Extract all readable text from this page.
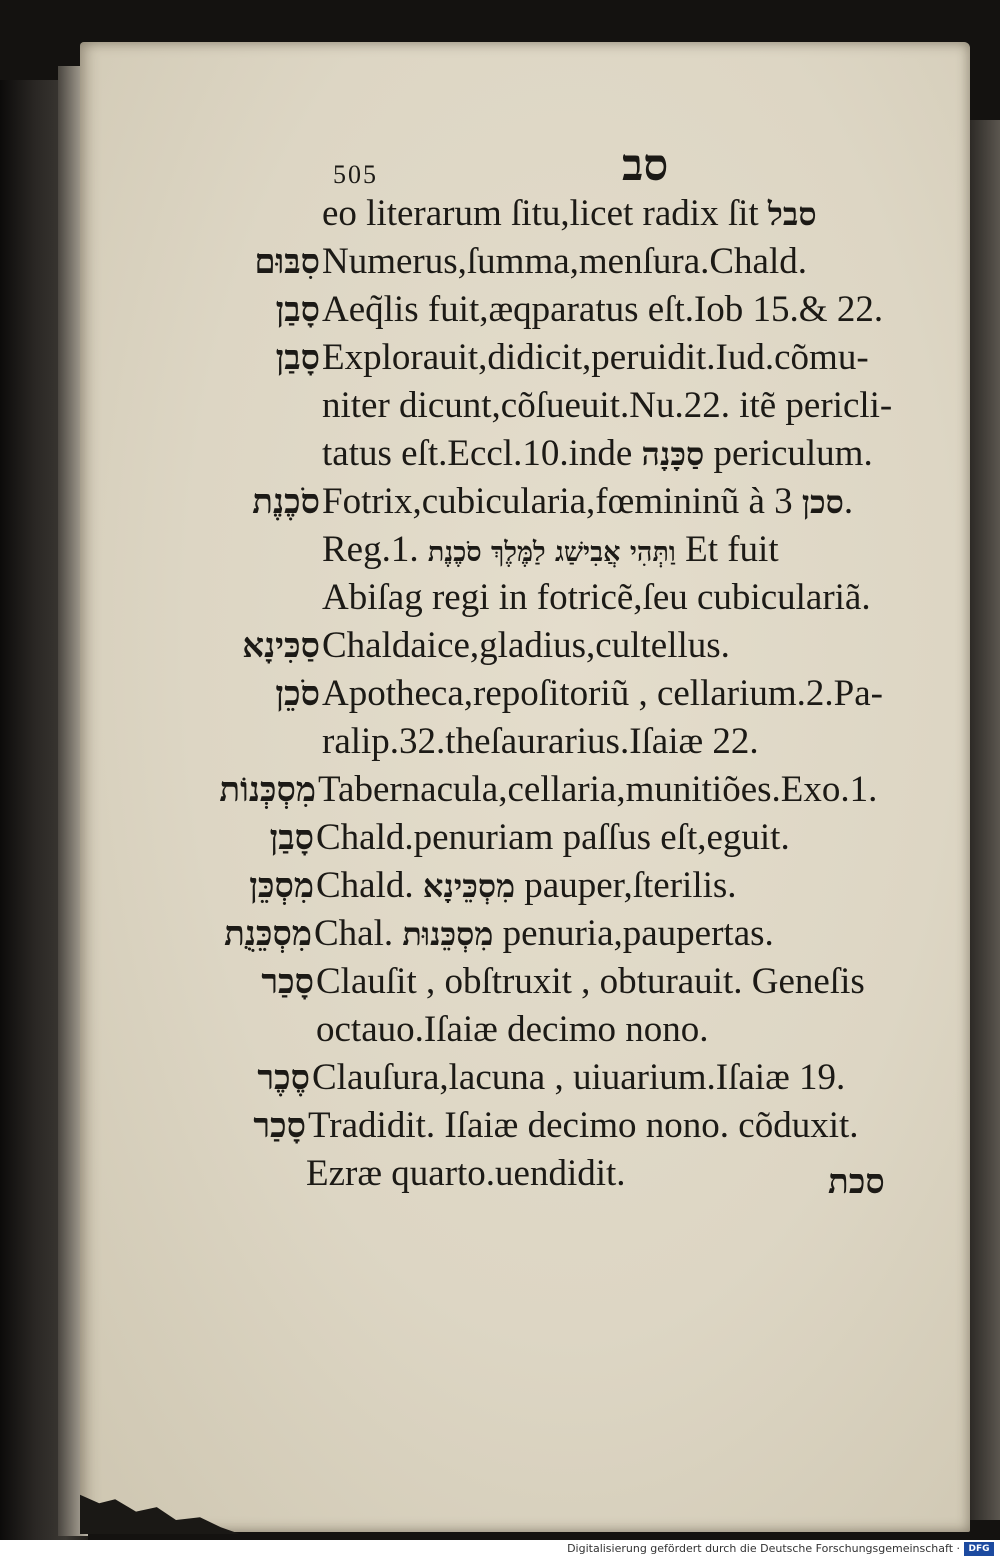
505	סב
eo literarum ſitu,licet radix ſit סבל
סִבּוּםNumerus,ſumma,menſura.Chald.
סָבַןAeq̃lis fuit,æqparatus eſt.Iob 15.& 22.
סָבַןExplorauit,didicit,peruidit.Iud.cõmu-
niter dicunt,cõſueuit.Nu.22. itẽ pericli-
tatus eſt.Eccl.10.inde סַכָּנָה periculum.
סֹכֶנֶתFotrix,cubicularia,fœmininũ à סכן 3.
Reg.1. וַתְּהִי אֲבִישַׁג לַמֶּלֶךְ סֹכֶנֶת Et fuit
Abiſag regi in fotricẽ,ſeu cubiculariã.
סַכִּינָאChaldaice,gladius,cultellus.
סֹכֵןApotheca,repoſitoriũ , cellarium.2.Pa-
ralip.32.theſaurarius.Iſaiæ 22.
מִסְכְּנוֹתTabernacula,cellaria,munitiões.Exo.1.
סָבַןChald.penuriam paſſus eſt,eguit.
מִסְכֵּןChald. מִסְכֵּינָא pauper,ſterilis.
מִסְכֵּנֻתChal. מִסְכֵּנוּת penuria,paupertas.
סָכַרClauſit , obſtruxit , obturauit. Geneſis
octauo.Iſaiæ decimo nono.
סֶכֶרClauſura,lacuna , uiuarium.Iſaiæ 19.
סָכַרTradidit. Iſaiæ decimo nono. cõduxit.
Ezræ quarto.uendidit.	סכת
Digitalisierung gefördert durch die Deutsche Forschungsgemeinschaft · DFG
